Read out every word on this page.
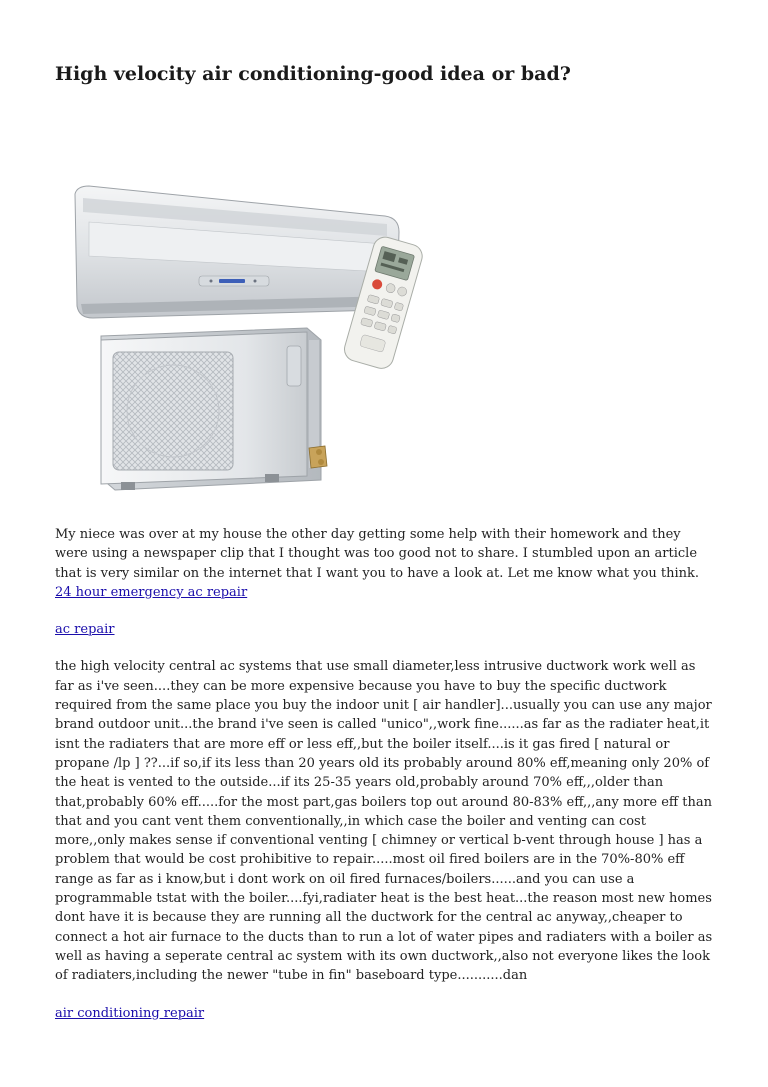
High velocity air conditioning-good idea or bad?

My niece was over at my house the other day getting some help with their homework and they were using a newspaper clip that I thought was too good not to share. I stumbled upon an article that is very similar on the internet that I want you to have a look at. Let me know what you think. 24 hour emergency ac repair

ac repair

the high velocity central ac systems that use small diameter,less intrusive ductwork work well as far as i've seen....they can be more expensive because you have to buy the specific ductwork required from the same place you buy the indoor unit [ air handler]...usually you can use any major brand outdoor unit...the brand i've seen is called "unico",,work fine......as far as the radiater heat,it isnt the radiaters that are more eff or less eff,,but the boiler itself....is it gas fired [ natural or propane /lp ] ??...if so,if its less than 20 years old its probably around 80% eff,meaning only 20% of the heat is vented to the outside...if its 25-35 years old,probably around 70% eff,,,older than that,probably 60% eff.....for the most part,gas boilers top out around 80-83% eff,,,any more eff than that and you cant vent them conventionally,,in which case the boiler and venting can cost more,,only makes sense if conventional venting [ chimney or vertical b-vent through house ] has a problem that would be cost prohibitive to repair.....most oil fired boilers are in the 70%-80% eff range as far as i know,but i dont work on oil fired furnaces/boilers......and you can use a programmable tstat with the boiler....fyi,radiater heat is the best heat...the reason most new homes dont have it is because they are running all the ductwork for the central ac anyway,,cheaper to connect a hot air furnace to the ducts than to run a lot of water pipes and radiaters with a boiler as well as having a seperate central ac system with its own ductwork,,also not everyone likes the look of radiaters,including the newer "tube in fin" baseboard type...........dan

air conditioning repair
